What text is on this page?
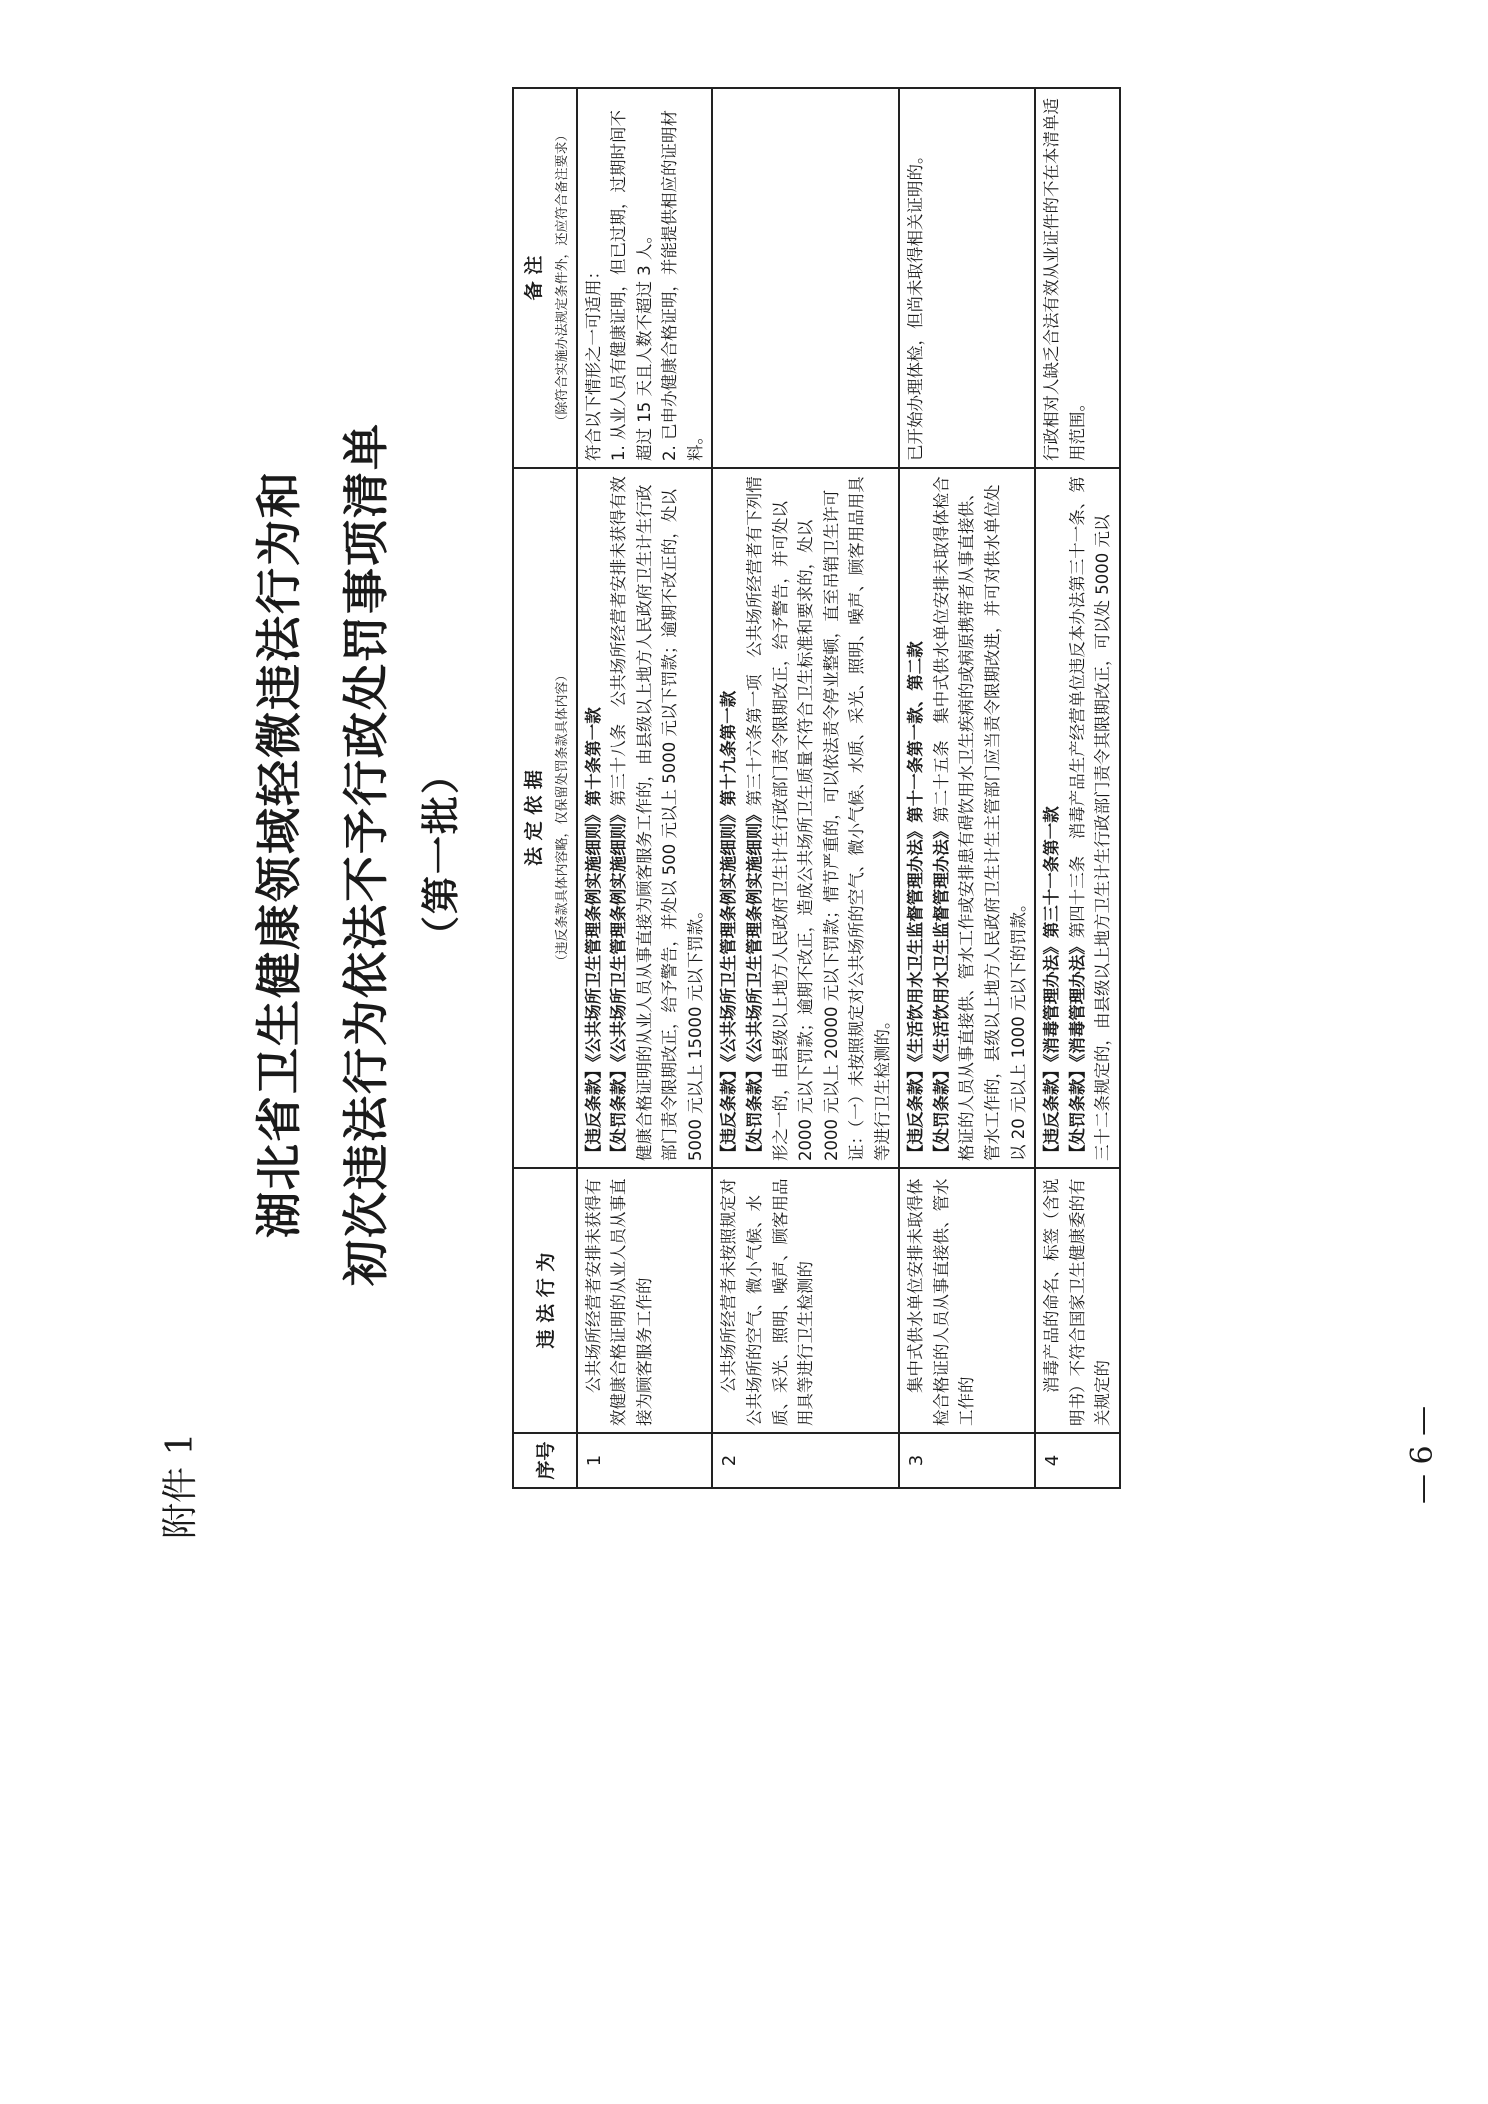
附件 1
湖北省卫生健康领域轻微违法行为和 初次违法行为依法不予行政处罚事项清单 （第一批）
序号	违 法 行 为	法 定 依 据 （违反条款具体内容略，仅保留处罚条款具体内容）	备 注 （除符合实施办法规定条件外，还应符合备注要求）

1	公共场所经营者安排未获得有效健康合格证明的从业人员从事直接为顾客服务工作的	【违反条款】《公共场所卫生管理条例实施细则》第十条第一款
【处罚条款】《公共场所卫生管理条例实施细则》第三十八条　公共场所经营者安排未获得有效健康合格证明的从业人员从事直接为顾客服务工作的，由县级以上地方人民政府卫生计生行政部门责令限期改正，给予警告，并处以 500 元以上 5000 元以下罚款；逾期不改正的，处以 5000 元以上 15000 元以下罚款。	符合以下情形之一可适用： 1. 从业人员有健康证明，但已过期，过期时间不超过 15 天且人数不超过 3 人。 2. 已申办健康合格证明，并能提供相应的证明材料。

2	公共场所经营者未按照规定对公共场所的空气、微小气候、水质、采光、照明、噪声、顾客用品用具等进行卫生检测的	【违反条款】《公共场所卫生管理条例实施细则》第十九条第一款
【处罚条款】《公共场所卫生管理条例实施细则》第三十六条第一项　公共场所经营者有下列情形之一的，由县级以上地方人民政府卫生计生行政部门责令限期改正，给予警告，并可处以 2000 元以下罚款；逾期不改正，造成公共场所卫生质量不符合卫生标准和要求的，处以 2000 元以上 20000 元以下罚款；情节严重的，可以依法责令停业整顿，直至吊销卫生许可证：（一）未按照规定对公共场所的空气、微小气候、水质、采光、照明、噪声、顾客用品用具等进行卫生检测的。	

3	集中式供水单位安排未取得体检合格证的人员从事直接供、管水工作的	【违反条款】《生活饮用水卫生监督管理办法》第十一条第一款、第二款
【处罚条款】《生活饮用水卫生监督管理办法》第二十五条　集中式供水单位安排未取得体检合格证的人员从事直接供、管水工作或安排患有碍饮用水卫生疾病的或病原携带者从事直接供、管水工作的，县级以上地方人民政府卫生计生主管部门应当责令限期改进，并可对供水单位处以 20 元以上 1000 元以下的罚款。	已开始办理体检，但尚未取得相关证明的。

4	消毒产品的命名、标签（含说明书）不符合国家卫生健康委的有关规定的	【违反条款】《消毒管理办法》第三十一条第一款
【处罚条款】《消毒管理办法》第四十三条　消毒产品生产经营单位违反本办法第三十一条、第三十二条规定的，由县级以上地方卫生计生行政部门责令其限期改正，可以处 5000 元以	行政相对人缺乏合法有效从业证件的不在本清单适用范围。
— 6 —
